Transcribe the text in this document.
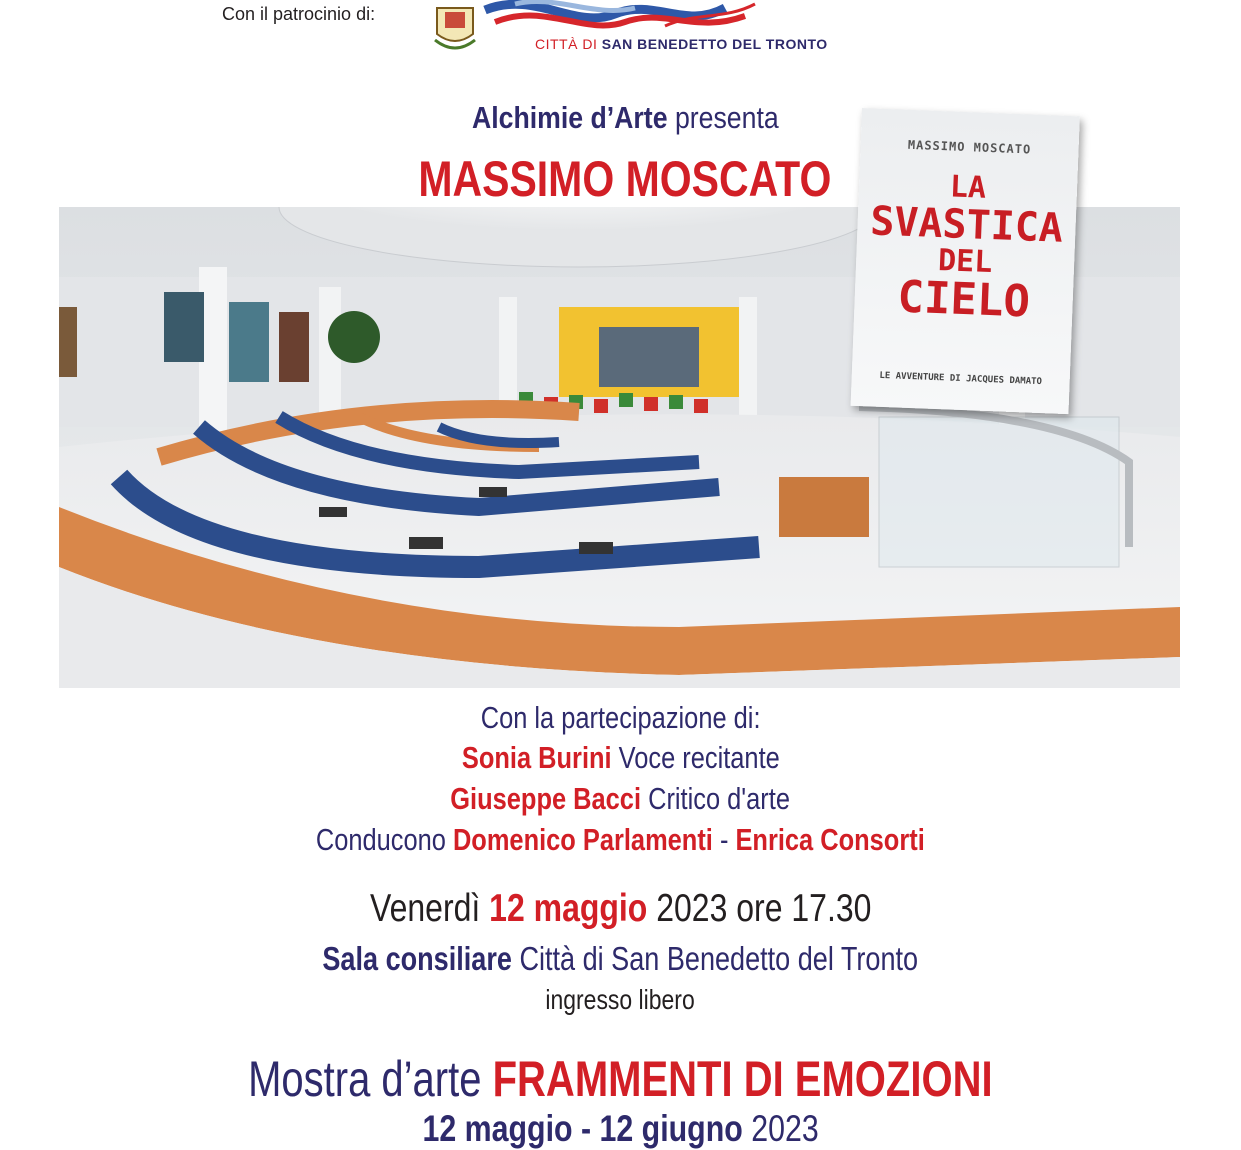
Con il patrocinio di:
CITTÀ DI SAN BENEDETTO DEL TRONTO
Alchimie d’Arte presenta
MASSIMO MOSCATO
MASSIMO MOSCATO
LA
SVASTICA
DEL
CIELO
LE AVVENTURE DI JACQUES DAMATO
Con la partecipazione di:
Sonia Burini Voce recitante
Giuseppe Bacci Critico d'arte
Conducono Domenico Parlamenti - Enrica Consorti
Venerdì 12 maggio 2023 ore 17.30
Sala consiliare Città di San Benedetto del Tronto
ingresso libero
Mostra d’arte FRAMMENTI DI EMOZIONI
12 maggio - 12 giugno 2023
